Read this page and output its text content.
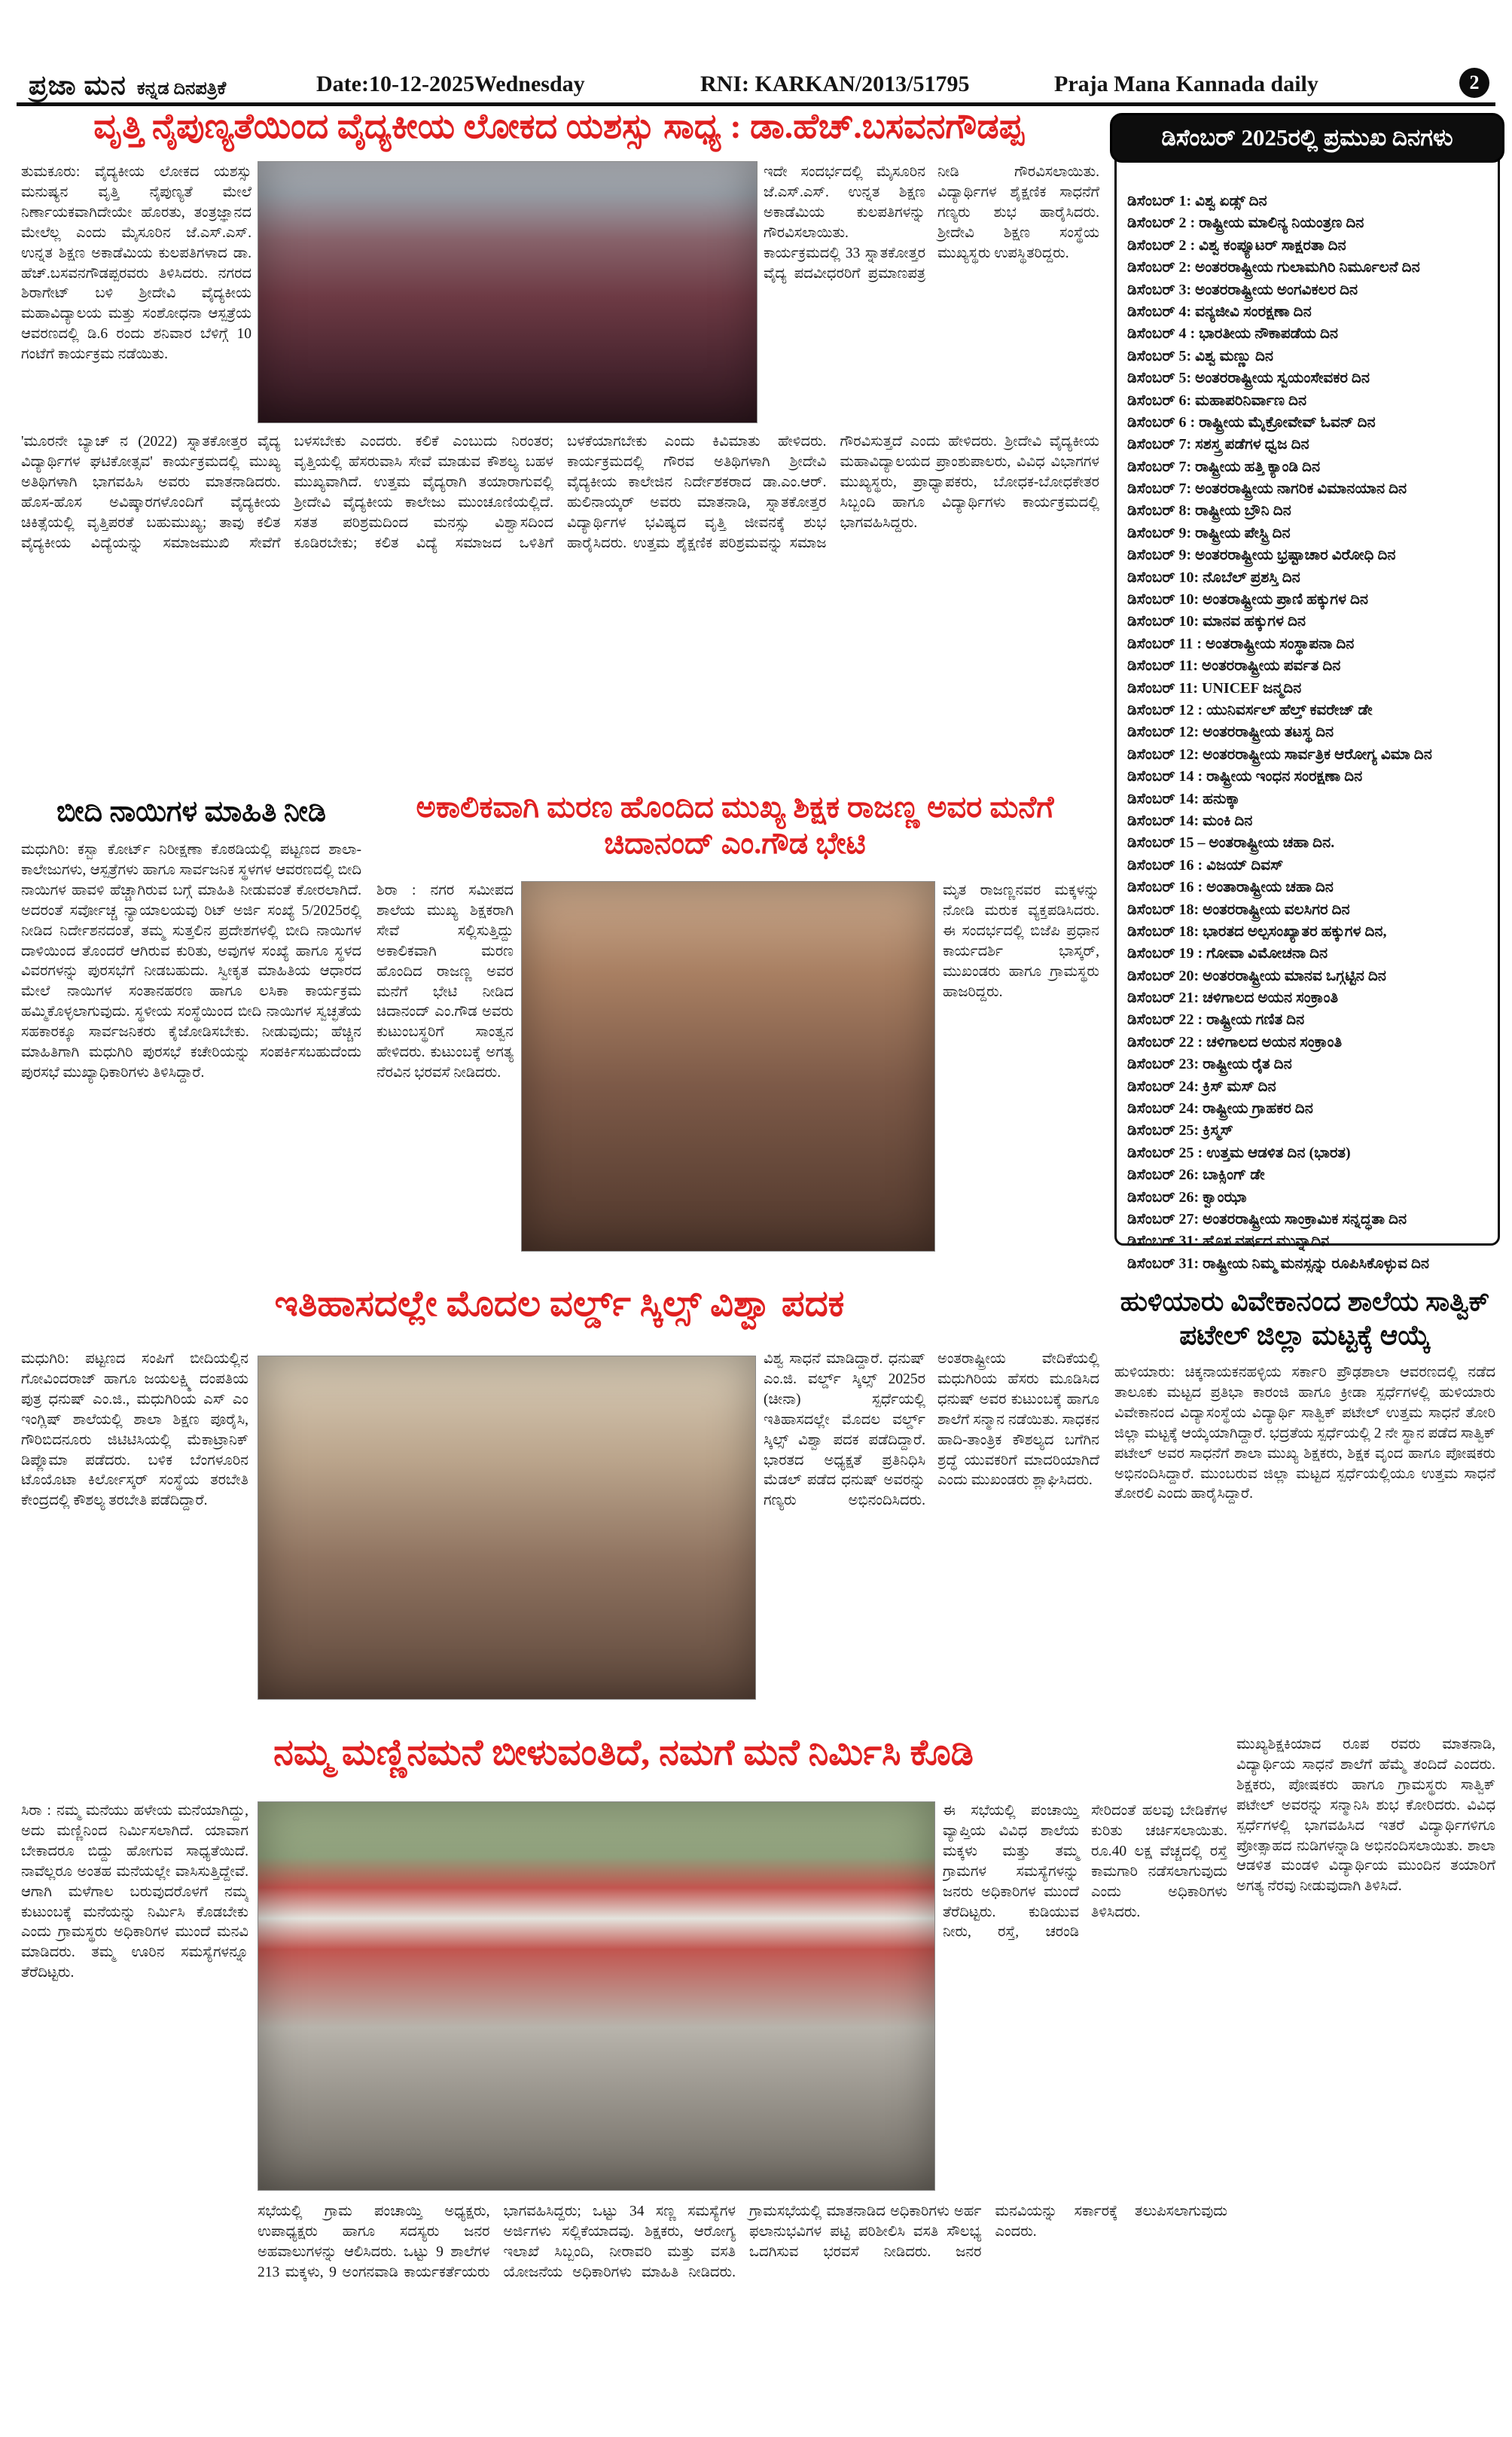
ಪ್ರಜಾ ಮನ ಕನ್ನಡ ದಿನಪತ್ರಿಕೆ	Date:10-12-2025Wednesday	RNI: KARKAN/2013/51795	Praja Mana Kannada daily	2
ವೃತ್ತಿ ನೈಪುಣ್ಯತೆಯಿಂದ ವೈದ್ಯಕೀಯ ಲೋಕದ ಯಶಸ್ಸು ಸಾಧ್ಯ : ಡಾ.ಹೆಚ್.ಬಸವನಗೌಡಪ್ಪ
ತುಮಕೂರು: ವೈದ್ಯಕೀಯ ಲೋಕದ ಯಶಸ್ಸು ಮನುಷ್ಯನ ವೃತ್ತಿ ನೈಪುಣ್ಯತೆ ಮೇಲೆ ನಿರ್ಣಾಯಕವಾಗಿದೇಯೇ ಹೊರತು, ತಂತ್ರಜ್ಞಾನದ ಮೇಲೆಲ್ಲ ಎಂದು ಮೈಸೂರಿನ ಜೆ.ಎಸ್.ಎಸ್. ಉನ್ನತ ಶಿಕ್ಷಣ ಅಕಾಡೆಮಿಯ ಕುಲಪತಿಗಳಾದ ಡಾ. ಹೆಚ್.ಬಸವನಗೌಡಪ್ಪರವರು ತಿಳಿಸಿದರು. ನಗರದ ಶಿರಾಗೇಟ್ ಬಳಿ ಶ್ರೀದೇವಿ ವೈದ್ಯಕೀಯ ಮಹಾವಿದ್ಯಾಲಯ ಮತ್ತು ಸಂಶೋಧನಾ ಆಸ್ಪತ್ರೆಯ ಆವರಣದಲ್ಲಿ ಡಿ.6 ರಂದು ಶನಿವಾರ ಬೆಳಿಗ್ಗೆ 10 ಗಂಟೆಗೆ ಕಾರ್ಯಕ್ರಮ ನಡೆಯಿತು.
ಇದೇ ಸಂದರ್ಭದಲ್ಲಿ ಮೈಸೂರಿನ ಜೆ.ಎಸ್.ಎಸ್. ಉನ್ನತ ಶಿಕ್ಷಣ ಅಕಾಡೆಮಿಯ ಕುಲಪತಿಗಳನ್ನು ಗೌರವಿಸಲಾಯಿತು. ಕಾರ್ಯಕ್ರಮದಲ್ಲಿ 33 ಸ್ನಾತಕೋತ್ತರ ವೈದ್ಯ ಪದವೀಧರರಿಗೆ ಪ್ರಮಾಣಪತ್ರ ನೀಡಿ ಗೌರವಿಸಲಾಯಿತು. ವಿದ್ಯಾರ್ಥಿಗಳ ಶೈಕ್ಷಣಿಕ ಸಾಧನೆಗೆ ಗಣ್ಯರು ಶುಭ ಹಾರೈಸಿದರು. ಶ್ರೀದೇವಿ ಶಿಕ್ಷಣ ಸಂಸ್ಥೆಯ ಮುಖ್ಯಸ್ಥರು ಉಪಸ್ಥಿತರಿದ್ದರು.
'ಮೂರನೇ ಬ್ಯಾಚ್ ನ (2022) ಸ್ನಾತಕೋತ್ತರ ವೈದ್ಯ ವಿದ್ಯಾರ್ಥಿಗಳ ಘಟಿಕೋತ್ಸವ' ಕಾರ್ಯಕ್ರಮದಲ್ಲಿ ಮುಖ್ಯ ಅತಿಥಿಗಳಾಗಿ ಭಾಗವಹಿಸಿ ಅವರು ಮಾತನಾಡಿದರು. ಹೊಸ-ಹೊಸ ಅವಿಷ್ಕಾರಗಳೊಂದಿಗೆ ವೈದ್ಯಕೀಯ ಚಿಕಿತ್ಸೆಯಲ್ಲಿ ವೃತ್ತಿಪರತೆ ಬಹುಮುಖ್ಯ; ತಾವು ಕಲಿತ ವೈದ್ಯಕೀಯ ವಿದ್ಯೆಯನ್ನು ಸಮಾಜಮುಖಿ ಸೇವೆಗೆ ಬಳಸಬೇಕು ಎಂದರು. ಕಲಿಕೆ ಎಂಬುದು ನಿರಂತರ; ವೃತ್ತಿಯಲ್ಲಿ ಹೆಸರುವಾಸಿ ಸೇವೆ ಮಾಡುವ ಕೌಶಲ್ಯ ಬಹಳ ಮುಖ್ಯವಾಗಿದೆ. ಉತ್ತಮ ವೈದ್ಯರಾಗಿ ತಯಾರಾಗುವಲ್ಲಿ ಶ್ರೀದೇವಿ ವೈದ್ಯಕೀಯ ಕಾಲೇಜು ಮುಂಚೂಣಿಯಲ್ಲಿದೆ. ಸತತ ಪರಿಶ್ರಮದಿಂದ ಮನಸ್ಸು ವಿಶ್ವಾಸದಿಂದ ಕೂಡಿರಬೇಕು; ಕಲಿತ ವಿದ್ಯೆ ಸಮಾಜದ ಒಳಿತಿಗೆ ಬಳಕೆಯಾಗಬೇಕು ಎಂದು ಕಿವಿಮಾತು ಹೇಳಿದರು. ಕಾರ್ಯಕ್ರಮದಲ್ಲಿ ಗೌರವ ಅತಿಥಿಗಳಾಗಿ ಶ್ರೀದೇವಿ ವೈದ್ಯಕೀಯ ಕಾಲೇಜಿನ ನಿರ್ದೇಶಕರಾದ ಡಾ.ಎಂ.ಆರ್. ಹುಲಿನಾಯ್ಕರ್ ಅವರು ಮಾತನಾಡಿ, ಸ್ನಾತಕೋತ್ತರ ವಿದ್ಯಾರ್ಥಿಗಳ ಭವಿಷ್ಯದ ವೃತ್ತಿ ಜೀವನಕ್ಕೆ ಶುಭ ಹಾರೈಸಿದರು. ಉತ್ತಮ ಶೈಕ್ಷಣಿಕ ಪರಿಶ್ರಮವನ್ನು ಸಮಾಜ ಗೌರವಿಸುತ್ತದೆ ಎಂದು ಹೇಳಿದರು. ಶ್ರೀದೇವಿ ವೈದ್ಯಕೀಯ ಮಹಾವಿದ್ಯಾಲಯದ ಪ್ರಾಂಶುಪಾಲರು, ವಿವಿಧ ವಿಭಾಗಗಳ ಮುಖ್ಯಸ್ಥರು, ಪ್ರಾಧ್ಯಾಪಕರು, ಬೋಧಕ-ಬೋಧಕೇತರ ಸಿಬ್ಬಂದಿ ಹಾಗೂ ವಿದ್ಯಾರ್ಥಿಗಳು ಕಾರ್ಯಕ್ರಮದಲ್ಲಿ ಭಾಗವಹಿಸಿದ್ದರು.
ಡಿಸೆಂಬರ್ 1: ವಿಶ್ವ ಏಡ್ಸ್ ದಿನ
ಡಿಸೆಂಬರ್ 2 : ರಾಷ್ಟ್ರೀಯ ಮಾಲಿನ್ಯ ನಿಯಂತ್ರಣ ದಿನ
ಡಿಸೆಂಬರ್ 2 : ವಿಶ್ವ ಕಂಪ್ಯೂಟರ್ ಸಾಕ್ಷರತಾ ದಿನ
ಡಿಸೆಂಬರ್ 2: ಅಂತರರಾಷ್ಟ್ರೀಯ ಗುಲಾಮಗಿರಿ ನಿರ್ಮೂಲನೆ ದಿನ
ಡಿಸೆಂಬರ್ 3: ಅಂತರರಾಷ್ಟ್ರೀಯ ಅಂಗವಿಕಲರ ದಿನ
ಡಿಸೆಂಬರ್ 4: ವನ್ಯಜೀವಿ ಸಂರಕ್ಷಣಾ ದಿನ
ಡಿಸೆಂಬರ್ 4 : ಭಾರತೀಯ ನೌಕಾಪಡೆಯ ದಿನ
ಡಿಸೆಂಬರ್ 5: ವಿಶ್ವ ಮಣ್ಣು ದಿನ
ಡಿಸೆಂಬರ್ 5: ಅಂತರರಾಷ್ಟ್ರೀಯ ಸ್ವಯಂಸೇವಕರ ದಿನ
ಡಿಸೆಂಬರ್ 6: ಮಹಾಪರಿನಿರ್ವಾಣ ದಿನ
ಡಿಸೆಂಬರ್ 6 : ರಾಷ್ಟ್ರೀಯ ಮೈಕ್ರೋವೇವ್ ಓವನ್ ದಿನ
ಡಿಸೆಂಬರ್ 7: ಸಶಸ್ತ್ರ ಪಡೆಗಳ ಧ್ವಜ ದಿನ
ಡಿಸೆಂಬರ್ 7: ರಾಷ್ಟ್ರೀಯ ಹತ್ತಿ ಕ್ಯಾಂಡಿ ದಿನ
ಡಿಸೆಂಬರ್ 7: ಅಂತರರಾಷ್ಟ್ರೀಯ ನಾಗರಿಕ ವಿಮಾನಯಾನ ದಿನ
ಡಿಸೆಂಬರ್ 8: ರಾಷ್ಟ್ರೀಯ ಬ್ರೌನಿ ದಿನ
ಡಿಸೆಂಬರ್ 9: ರಾಷ್ಟ್ರೀಯ ಪೇಸ್ಟ್ರಿ ದಿನ
ಡಿಸೆಂಬರ್ 9: ಅಂತರರಾಷ್ಟ್ರೀಯ ಭ್ರಷ್ಟಾಚಾರ ವಿರೋಧಿ ದಿನ
ಡಿಸೆಂಬರ್ 10: ನೊಬೆಲ್ ಪ್ರಶಸ್ತಿ ದಿನ
ಡಿಸೆಂಬರ್ 10: ಅಂತರಾಷ್ಟ್ರೀಯ ಪ್ರಾಣಿ ಹಕ್ಕುಗಳ ದಿನ
ಡಿಸೆಂಬರ್ 10: ಮಾನವ ಹಕ್ಕುಗಳ ದಿನ
ಡಿಸೆಂಬರ್ 11 : ಅಂತರಾಷ್ಟ್ರೀಯ ಸಂಸ್ಥಾಪನಾ ದಿನ
ಡಿಸೆಂಬರ್ 11: ಅಂತರರಾಷ್ಟ್ರೀಯ ಪರ್ವತ ದಿನ
ಡಿಸೆಂಬರ್ 11: UNICEF ಜನ್ಮದಿನ
ಡಿಸೆಂಬರ್ 12 : ಯುನಿವರ್ಸಲ್ ಹೆಲ್ತ್ ಕವರೇಜ್ ಡೇ
ಡಿಸೆಂಬರ್ 12: ಅಂತರರಾಷ್ಟ್ರೀಯ ತಟಸ್ಥ ದಿನ
ಡಿಸೆಂಬರ್ 12: ಅಂತರರಾಷ್ಟ್ರೀಯ ಸಾರ್ವತ್ರಿಕ ಆರೋಗ್ಯ ವಿಮಾ ದಿನ
ಡಿಸೆಂಬರ್ 14 : ರಾಷ್ಟ್ರೀಯ ಇಂಧನ ಸಂರಕ್ಷಣಾ ದಿನ
ಡಿಸೆಂಬರ್ 14: ಹನುಕ್ಕಾ
ಡಿಸೆಂಬರ್ 14: ಮಂಕಿ ದಿನ
ಡಿಸೆಂಬರ್ 15 – ಅಂತರಾಷ್ಟ್ರೀಯ ಚಹಾ ದಿನ.
ಡಿಸೆಂಬರ್ 16 : ವಿಜಯ್ ದಿವಸ್
ಡಿಸೆಂಬರ್ 16 : ಅಂತಾರಾಷ್ಟ್ರೀಯ ಚಹಾ ದಿನ
ಡಿಸೆಂಬರ್ 18: ಅಂತರರಾಷ್ಟ್ರೀಯ ವಲಸಿಗರ ದಿನ
ಡಿಸೆಂಬರ್ 18: ಭಾರತದ ಅಲ್ಪಸಂಖ್ಯಾತರ ಹಕ್ಕುಗಳ ದಿನ,
ಡಿಸೆಂಬರ್ 19 : ಗೋವಾ ವಿಮೋಚನಾ ದಿನ
ಡಿಸೆಂಬರ್ 20: ಅಂತರರಾಷ್ಟ್ರೀಯ ಮಾನವ ಒಗ್ಗಟ್ಟಿನ ದಿನ
ಡಿಸೆಂಬರ್ 21: ಚಳಿಗಾಲದ ಅಯನ ಸಂಕ್ರಾಂತಿ
ಡಿಸೆಂಬರ್ 22 : ರಾಷ್ಟ್ರೀಯ ಗಣಿತ ದಿನ
ಡಿಸೆಂಬರ್ 22 : ಚಳಿಗಾಲದ ಅಯನ ಸಂಕ್ರಾಂತಿ
ಡಿಸೆಂಬರ್ 23: ರಾಷ್ಟ್ರೀಯ ರೈತ ದಿನ
ಡಿಸೆಂಬರ್ 24: ಕ್ರಿಸ್ ಮಸ್ ದಿನ
ಡಿಸೆಂಬರ್ 24: ರಾಷ್ಟ್ರೀಯ ಗ್ರಾಹಕರ ದಿನ
ಡಿಸೆಂಬರ್ 25: ಕ್ರಿಸ್ಮಸ್
ಡಿಸೆಂಬರ್ 25 : ಉತ್ತಮ ಆಡಳಿತ ದಿನ (ಭಾರತ)
ಡಿಸೆಂಬರ್ 26: ಬಾಕ್ಸಿಂಗ್ ಡೇ
ಡಿಸೆಂಬರ್ 26: ಕ್ವಾಂಝಾ
ಡಿಸೆಂಬರ್ 27: ಅಂತರರಾಷ್ಟ್ರೀಯ ಸಾಂಕ್ರಾಮಿಕ ಸನ್ನದ್ಧತಾ ದಿನ
ಡಿಸೆಂಬರ್ 31: ಹೊಸ ವರ್ಷದ ಮುನ್ನಾದಿನ
ಡಿಸೆಂಬರ್ 31: ರಾಷ್ಟ್ರೀಯ ನಿಮ್ಮ ಮನಸ್ಸನ್ನು ರೂಪಿಸಿಕೊಳ್ಳುವ ದಿನ
ಡಿಸೆಂಬರ್ 2025ರಲ್ಲಿ ಪ್ರಮುಖ ದಿನಗಳು
ಬೀದಿ ನಾಯಿಗಳ ಮಾಹಿತಿ ನೀಡಿ
ಮಧುಗಿರಿ: ಕಸ್ಬಾ ಕೋರ್ಟ್ ನಿರೀಕ್ಷಣಾ ಕೊಠಡಿಯಲ್ಲಿ ಪಟ್ಟಣದ ಶಾಲಾ-ಕಾಲೇಜುಗಳು, ಆಸ್ಪತ್ರೆಗಳು ಹಾಗೂ ಸಾರ್ವಜನಿಕ ಸ್ಥಳಗಳ ಆವರಣದಲ್ಲಿ ಬೀದಿ ನಾಯಿಗಳ ಹಾವಳಿ ಹೆಚ್ಚಾಗಿರುವ ಬಗ್ಗೆ ಮಾಹಿತಿ ನೀಡುವಂತೆ ಕೋರಲಾಗಿದೆ. ಅದರಂತೆ ಸರ್ವೋಚ್ಚ ನ್ಯಾಯಾಲಯವು ರಿಟ್ ಅರ್ಜಿ ಸಂಖ್ಯೆ 5/2025ರಲ್ಲಿ ನೀಡಿದ ನಿರ್ದೇಶನದಂತೆ, ತಮ್ಮ ಸುತ್ತಲಿನ ಪ್ರದೇಶಗಳಲ್ಲಿ ಬೀದಿ ನಾಯಿಗಳ ದಾಳಿಯಿಂದ ತೊಂದರೆ ಆಗಿರುವ ಕುರಿತು, ಅವುಗಳ ಸಂಖ್ಯೆ ಹಾಗೂ ಸ್ಥಳದ ವಿವರಗಳನ್ನು ಪುರಸಭೆಗೆ ನೀಡಬಹುದು. ಸ್ವೀಕೃತ ಮಾಹಿತಿಯ ಆಧಾರದ ಮೇಲೆ ನಾಯಿಗಳ ಸಂತಾನಹರಣ ಹಾಗೂ ಲಸಿಕಾ ಕಾರ್ಯಕ್ರಮ ಹಮ್ಮಿಕೊಳ್ಳಲಾಗುವುದು. ಸ್ಥಳೀಯ ಸಂಸ್ಥೆಯಿಂದ ಬೀದಿ ನಾಯಿಗಳ ಸ್ವಚ್ಛತೆಯ ಸಹಕಾರಕ್ಕೂ ಸಾರ್ವಜನಿಕರು ಕೈಜೋಡಿಸಬೇಕು. ನೀಡುವುದು; ಹೆಚ್ಚಿನ ಮಾಹಿತಿಗಾಗಿ ಮಧುಗಿರಿ ಪುರಸಭೆ ಕಚೇರಿಯನ್ನು ಸಂಪರ್ಕಿಸಬಹುದೆಂದು ಪುರಸಭೆ ಮುಖ್ಯಾಧಿಕಾರಿಗಳು ತಿಳಿಸಿದ್ದಾರೆ.
ಅಕಾಲಿಕವಾಗಿ ಮರಣ ಹೊಂದಿದ ಮುಖ್ಯ ಶಿಕ್ಷಕ ರಾಜಣ್ಣ ಅವರ ಮನೆಗೆ ಚಿದಾನಂದ್ ಎಂ.ಗೌಡ ಭೇಟಿ
ಶಿರಾ : ನಗರ ಸಮೀಪದ ಶಾಲೆಯ ಮುಖ್ಯ ಶಿಕ್ಷಕರಾಗಿ ಸೇವೆ ಸಲ್ಲಿಸುತ್ತಿದ್ದು ಅಕಾಲಿಕವಾಗಿ ಮರಣ ಹೊಂದಿದ ರಾಜಣ್ಣ ಅವರ ಮನೆಗೆ ಭೇಟಿ ನೀಡಿದ ಚಿದಾನಂದ್ ಎಂ.ಗೌಡ ಅವರು ಕುಟುಂಬಸ್ಥರಿಗೆ ಸಾಂತ್ವನ ಹೇಳಿದರು. ಕುಟುಂಬಕ್ಕೆ ಅಗತ್ಯ ನೆರವಿನ ಭರವಸೆ ನೀಡಿದರು.
ಮೃತ ರಾಜಣ್ಣನವರ ಮಕ್ಕಳನ್ನು ನೋಡಿ ಮರುಕ ವ್ಯಕ್ತಪಡಿಸಿದರು. ಈ ಸಂದರ್ಭದಲ್ಲಿ ಬಿಜೆಪಿ ಪ್ರಧಾನ ಕಾರ್ಯದರ್ಶಿ ಭಾಸ್ಕರ್, ಮುಖಂಡರು ಹಾಗೂ ಗ್ರಾಮಸ್ಥರು ಹಾಜರಿದ್ದರು.
ಇತಿಹಾಸದಲ್ಲೇ ಮೊದಲ ವರ್ಲ್ಡ್ ಸ್ಕಿಲ್ಸ್ ವಿಶ್ವಾ ಪದಕ
ಮಧುಗಿರಿ: ಪಟ್ಟಣದ ಸಂಪಿಗೆ ಬೀದಿಯಲ್ಲಿನ ಗೋವಿಂದರಾಜ್ ಹಾಗೂ ಜಯಲಕ್ಷ್ಮಿ ದಂಪತಿಯ ಪುತ್ರ ಧನುಷ್ ಎಂ.ಜಿ., ಮಧುಗಿರಿಯ ಎಸ್ ಎಂ ಇಂಗ್ಲಿಷ್ ಶಾಲೆಯಲ್ಲಿ ಶಾಲಾ ಶಿಕ್ಷಣ ಪೂರೈಸಿ, ಗೌರಿಬಿದನೂರು ಜಿಟಿಟಿಸಿಯಲ್ಲಿ ಮೆಕಾಟ್ರಾನಿಕ್ ಡಿಪ್ಲೊಮಾ ಪಡೆದರು. ಬಳಿಕ ಬೆಂಗಳೂರಿನ ಟೊಯೊಟಾ ಕಿರ್ಲೋಸ್ಕರ್ ಸಂಸ್ಥೆಯ ತರಬೇತಿ ಕೇಂದ್ರದಲ್ಲಿ ಕೌಶಲ್ಯ ತರಬೇತಿ ಪಡೆದಿದ್ದಾರೆ.
ವಿಶ್ವ ಸಾಧನೆ ಮಾಡಿದ್ದಾರೆ. ಧನುಷ್ ಎಂ.ಜಿ. ವರ್ಲ್ಡ್ ಸ್ಕಿಲ್ಸ್ 2025ರ (ಚೀನಾ) ಸ್ಪರ್ಧೆಯಲ್ಲಿ ಇತಿಹಾಸದಲ್ಲೇ ಮೊದಲ ವರ್ಲ್ಡ್ ಸ್ಕಿಲ್ಸ್ ವಿಶ್ವಾ ಪದಕ ಪಡೆದಿದ್ದಾರೆ. ಭಾರತದ ಅಧ್ಯಕ್ಷತೆ ಪ್ರತಿನಿಧಿಸಿ ಮೆಡಲ್ ಪಡೆದ ಧನುಷ್ ಅವರನ್ನು ಗಣ್ಯರು ಅಭಿನಂದಿಸಿದರು. ಅಂತರಾಷ್ಟ್ರೀಯ ವೇದಿಕೆಯಲ್ಲಿ ಮಧುಗಿರಿಯ ಹೆಸರು ಮೂಡಿಸಿದ ಧನುಷ್ ಅವರ ಕುಟುಂಬಕ್ಕೆ ಹಾಗೂ ಶಾಲೆಗೆ ಸನ್ಮಾನ ನಡೆಯಿತು. ಸಾಧಕನ ಹಾದಿ-ತಾಂತ್ರಿಕ ಕೌಶಲ್ಯದ ಬಗೆಗಿನ ಶ್ರದ್ಧೆ ಯುವಕರಿಗೆ ಮಾದರಿಯಾಗಿದೆ ಎಂದು ಮುಖಂಡರು ಶ್ಲಾಘಿಸಿದರು.
ಹುಳಿಯಾರು ವಿವೇಕಾನಂದ ಶಾಲೆಯ ಸಾತ್ವಿಕ್ ಪಟೇಲ್ ಜಿಲ್ಲಾ ಮಟ್ಟಕ್ಕೆ ಆಯ್ಕೆ
ಹುಳಿಯಾರು: ಚಿಕ್ಕನಾಯಕನಹಳ್ಳಿಯ ಸರ್ಕಾರಿ ಪ್ರೌಢಶಾಲಾ ಆವರಣದಲ್ಲಿ ನಡೆದ ತಾಲೂಕು ಮಟ್ಟದ ಪ್ರತಿಭಾ ಕಾರಂಜಿ ಹಾಗೂ ಕ್ರೀಡಾ ಸ್ಪರ್ಧೆಗಳಲ್ಲಿ ಹುಳಿಯಾರು ವಿವೇಕಾನಂದ ವಿದ್ಯಾಸಂಸ್ಥೆಯ ವಿದ್ಯಾರ್ಥಿ ಸಾತ್ವಿಕ್ ಪಟೇಲ್ ಉತ್ತಮ ಸಾಧನೆ ತೋರಿ ಜಿಲ್ಲಾ ಮಟ್ಟಕ್ಕೆ ಆಯ್ಕೆಯಾಗಿದ್ದಾರೆ. ಭದ್ರತೆಯ ಸ್ಪರ್ಧೆಯಲ್ಲಿ 2 ನೇ ಸ್ಥಾನ ಪಡೆದ ಸಾತ್ವಿಕ್ ಪಟೇಲ್ ಅವರ ಸಾಧನೆಗೆ ಶಾಲಾ ಮುಖ್ಯ ಶಿಕ್ಷಕರು, ಶಿಕ್ಷಕ ವೃಂದ ಹಾಗೂ ಪೋಷಕರು ಅಭಿನಂದಿಸಿದ್ದಾರೆ. ಮುಂಬರುವ ಜಿಲ್ಲಾ ಮಟ್ಟದ ಸ್ಪರ್ಧೆಯಲ್ಲಿಯೂ ಉತ್ತಮ ಸಾಧನೆ ತೋರಲಿ ಎಂದು ಹಾರೈಸಿದ್ದಾರೆ.
ಮುಖ್ಯಶಿಕ್ಷಕಿಯಾದ ರೂಪ ರವರು ಮಾತನಾಡಿ, ವಿದ್ಯಾರ್ಥಿಯ ಸಾಧನೆ ಶಾಲೆಗೆ ಹೆಮ್ಮೆ ತಂದಿದೆ ಎಂದರು. ಶಿಕ್ಷಕರು, ಪೋಷಕರು ಹಾಗೂ ಗ್ರಾಮಸ್ಥರು ಸಾತ್ವಿಕ್ ಪಟೇಲ್ ಅವರನ್ನು ಸನ್ಮಾನಿಸಿ ಶುಭ ಕೋರಿದರು. ವಿವಿಧ ಸ್ಪರ್ಧೆಗಳಲ್ಲಿ ಭಾಗವಹಿಸಿದ ಇತರೆ ವಿದ್ಯಾರ್ಥಿಗಳಿಗೂ ಪ್ರೋತ್ಸಾಹದ ನುಡಿಗಳನ್ನಾಡಿ ಅಭಿನಂದಿಸಲಾಯಿತು. ಶಾಲಾ ಆಡಳಿತ ಮಂಡಳಿ ವಿದ್ಯಾರ್ಥಿಯ ಮುಂದಿನ ತಯಾರಿಗೆ ಅಗತ್ಯ ನೆರವು ನೀಡುವುದಾಗಿ ತಿಳಿಸಿದೆ.
ನಮ್ಮ ಮಣ್ಣಿನಮನೆ ಬೀಳುವಂತಿದೆ, ನಮಗೆ ಮನೆ ನಿರ್ಮಿಸಿ ಕೊಡಿ
ಸಿರಾ : ನಮ್ಮ ಮನೆಯು ಹಳೇಯ ಮನೆಯಾಗಿದ್ದು, ಅದು ಮಣ್ಣಿನಿಂದ ನಿರ್ಮಿಸಲಾಗಿದೆ. ಯಾವಾಗ ಬೇಕಾದರೂ ಬಿದ್ದು ಹೋಗುವ ಸಾಧ್ಯತೆಯಿದೆ. ನಾವೆಲ್ಲರೂ ಅಂತಹ ಮನೆಯಲ್ಲೇ ವಾಸಿಸುತ್ತಿದ್ದೇವೆ. ಆಗಾಗಿ ಮಳೆಗಾಲ ಬರುವುದರೊಳಗೆ ನಮ್ಮ ಕುಟುಂಬಕ್ಕೆ ಮನೆಯನ್ನು ನಿರ್ಮಿಸಿ ಕೊಡಬೇಕು ಎಂದು ಗ್ರಾಮಸ್ಥರು ಅಧಿಕಾರಿಗಳ ಮುಂದೆ ಮನವಿ ಮಾಡಿದರು. ತಮ್ಮ ಊರಿನ ಸಮಸ್ಯೆಗಳನ್ನೂ ತೆರೆದಿಟ್ಟರು.
ಈ ಸಭೆಯಲ್ಲಿ ಪಂಚಾಯ್ತಿ ವ್ಯಾಪ್ತಿಯ ವಿವಿಧ ಶಾಲೆಯ ಮಕ್ಕಳು ಮತ್ತು ತಮ್ಮ ಗ್ರಾಮಗಳ ಸಮಸ್ಯೆಗಳನ್ನು ಜನರು ಅಧಿಕಾರಿಗಳ ಮುಂದೆ ತೆರೆದಿಟ್ಟರು. ಕುಡಿಯುವ ನೀರು, ರಸ್ತೆ, ಚರಂಡಿ ಸೇರಿದಂತೆ ಹಲವು ಬೇಡಿಕೆಗಳ ಕುರಿತು ಚರ್ಚಿಸಲಾಯಿತು. ರೂ.40 ಲಕ್ಷ ವೆಚ್ಚದಲ್ಲಿ ರಸ್ತೆ ಕಾಮಗಾರಿ ನಡೆಸಲಾಗುವುದು ಎಂದು ಅಧಿಕಾರಿಗಳು ತಿಳಿಸಿದರು.
ಸಭೆಯಲ್ಲಿ ಗ್ರಾಮ ಪಂಚಾಯ್ತಿ ಅಧ್ಯಕ್ಷರು, ಉಪಾಧ್ಯಕ್ಷರು ಹಾಗೂ ಸದಸ್ಯರು ಜನರ ಅಹವಾಲುಗಳನ್ನು ಆಲಿಸಿದರು. ಒಟ್ಟು 9 ಶಾಲೆಗಳ 213 ಮಕ್ಕಳು, 9 ಅಂಗನವಾಡಿ ಕಾರ್ಯಕರ್ತೆಯರು ಭಾಗವಹಿಸಿದ್ದರು; ಒಟ್ಟು 34 ಸಣ್ಣ ಸಮಸ್ಯೆಗಳ ಅರ್ಜಿಗಳು ಸಲ್ಲಿಕೆಯಾದವು. ಶಿಕ್ಷಕರು, ಆರೋಗ್ಯ ಇಲಾಖೆ ಸಿಬ್ಬಂದಿ, ನೀರಾವರಿ ಮತ್ತು ವಸತಿ ಯೋಜನೆಯ ಅಧಿಕಾರಿಗಳು ಮಾಹಿತಿ ನೀಡಿದರು. ಗ್ರಾಮಸಭೆಯಲ್ಲಿ ಮಾತನಾಡಿದ ಅಧಿಕಾರಿಗಳು ಅರ್ಹ ಫಲಾನುಭವಿಗಳ ಪಟ್ಟಿ ಪರಿಶೀಲಿಸಿ ವಸತಿ ಸೌಲಭ್ಯ ಒದಗಿಸುವ ಭರವಸೆ ನೀಡಿದರು. ಜನರ ಮನವಿಯನ್ನು ಸರ್ಕಾರಕ್ಕೆ ತಲುಪಿಸಲಾಗುವುದು ಎಂದರು.
